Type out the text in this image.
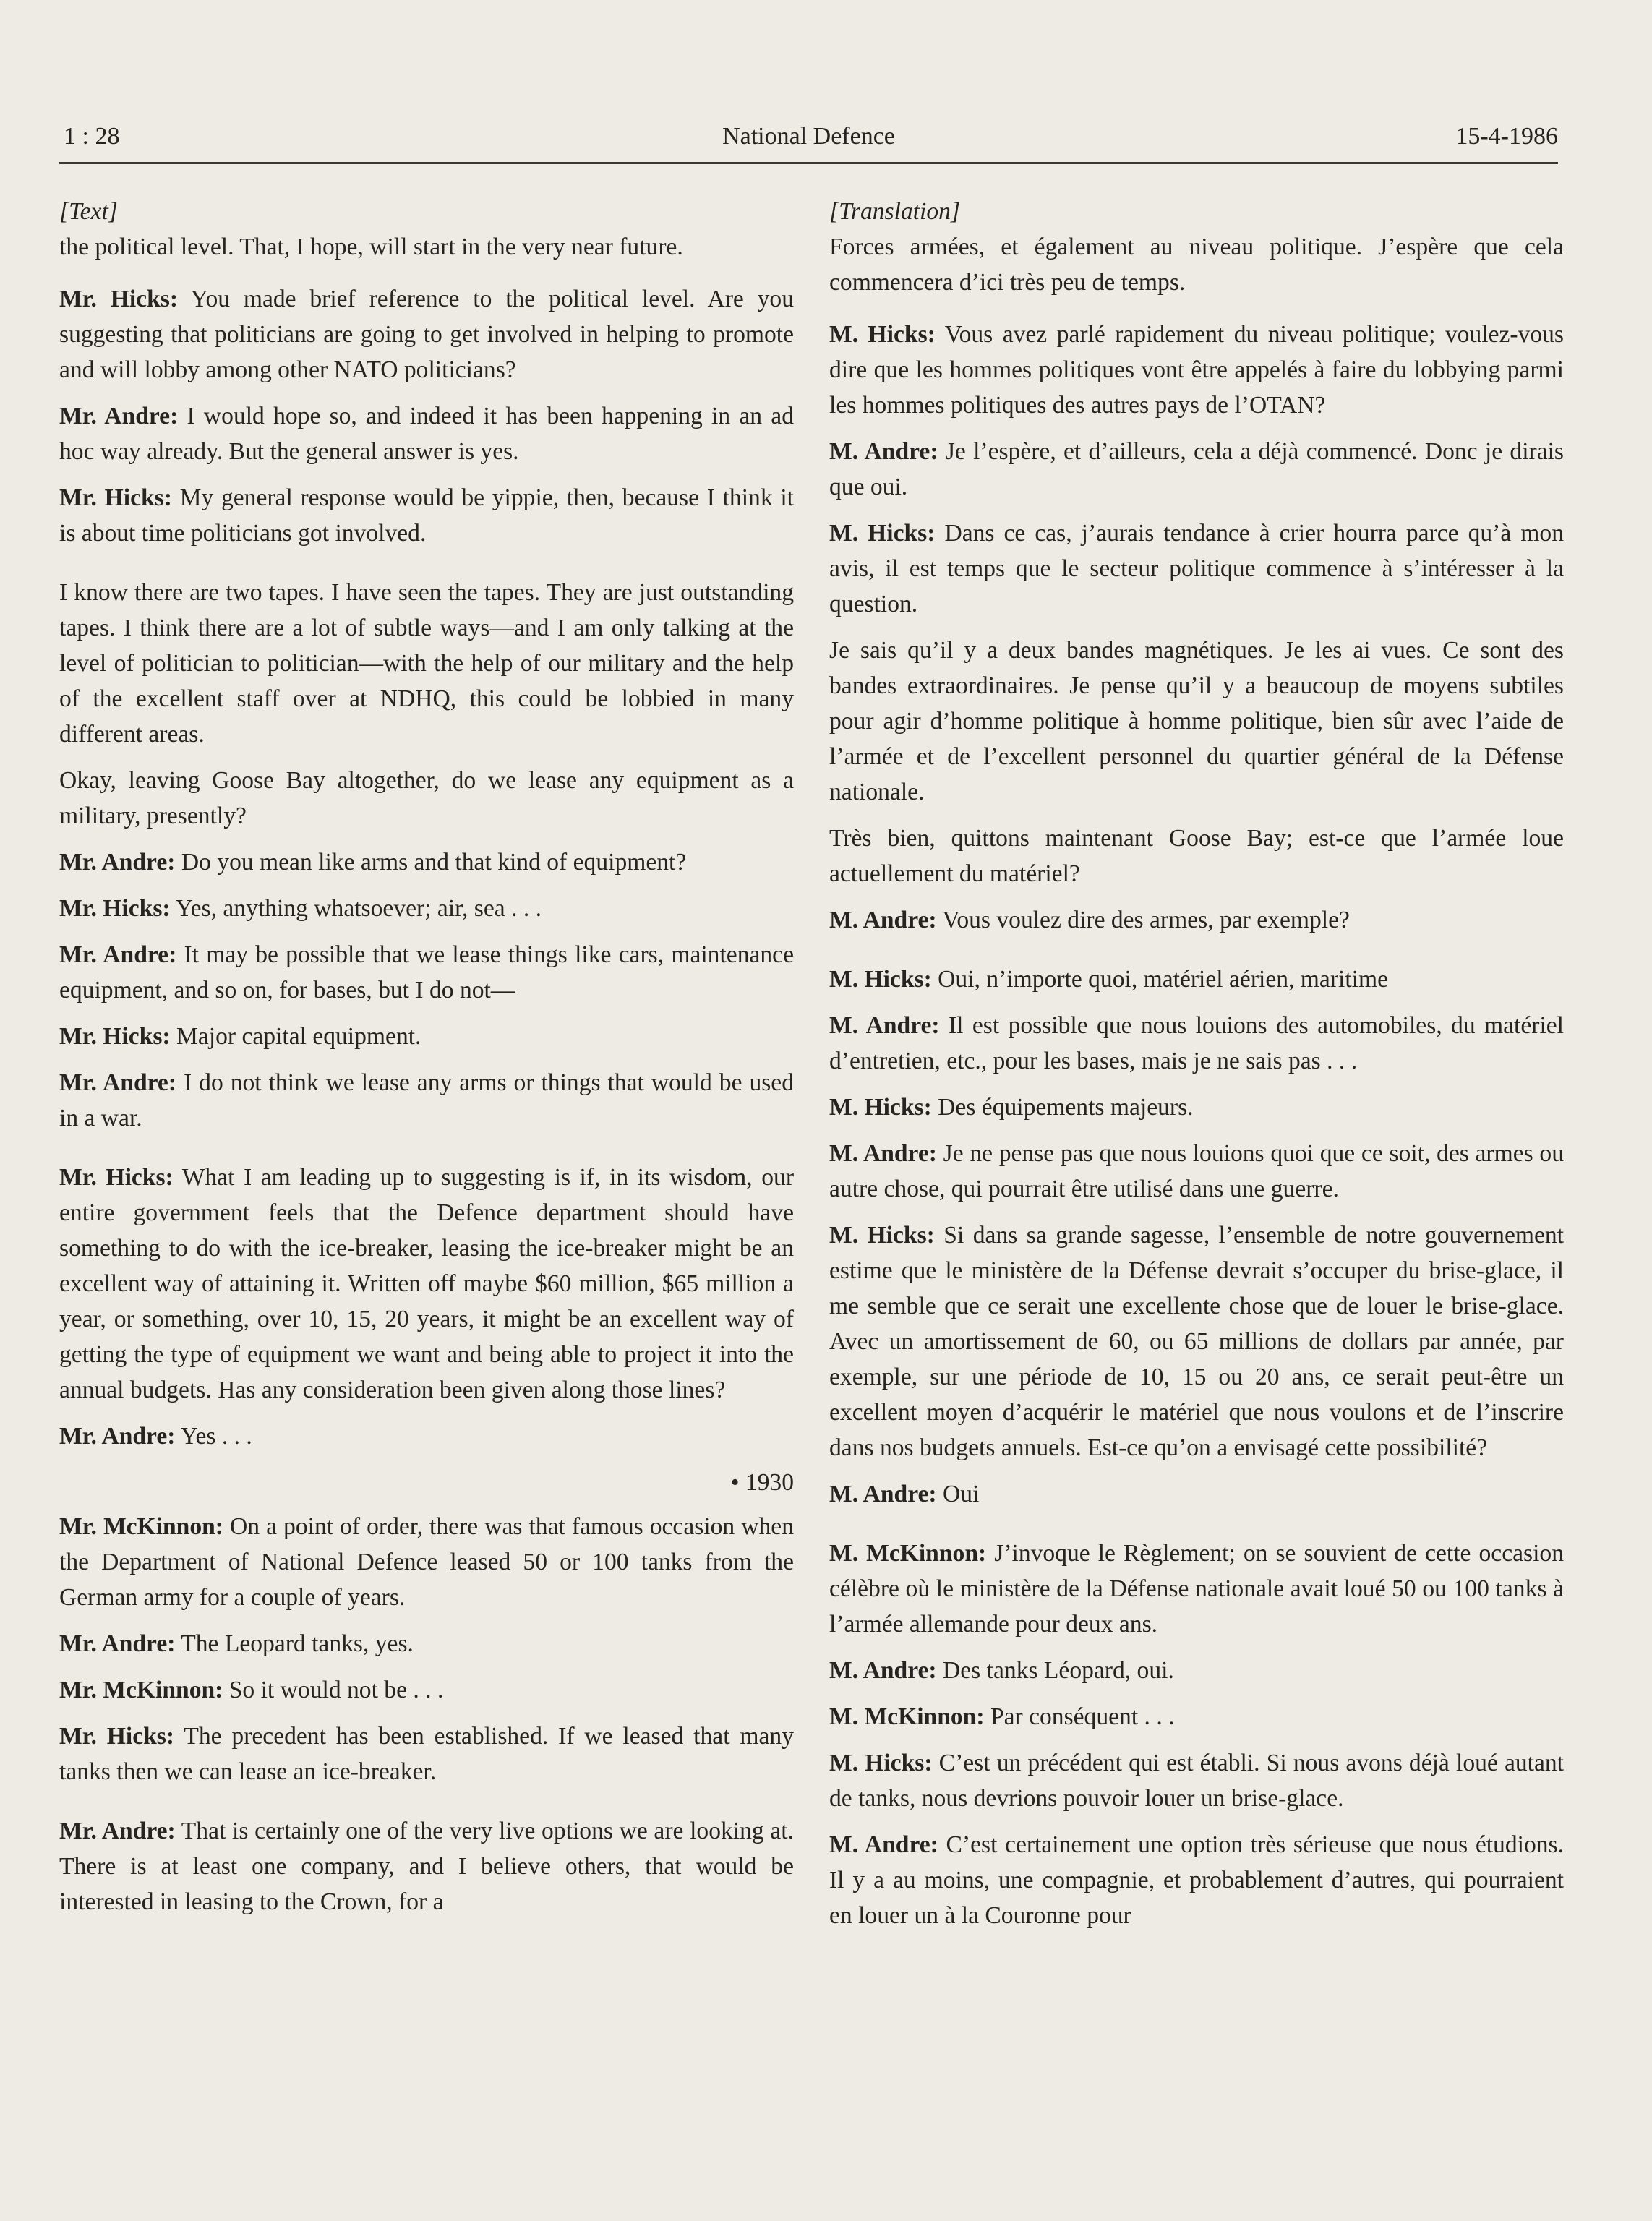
1 : 28	National Defence	15-4-1986
[Text]

the political level. That, I hope, will start in the very near future.

Mr. Hicks: You made brief reference to the political level. Are you suggesting that politicians are going to get involved in helping to promote and will lobby among other NATO politicians?

Mr. Andre: I would hope so, and indeed it has been happening in an ad hoc way already. But the general answer is yes.

Mr. Hicks: My general response would be yippie, then, because I think it is about time politicians got involved.

I know there are two tapes. I have seen the tapes. They are just outstanding tapes. I think there are a lot of subtle ways—and I am only talking at the level of politician to politician—with the help of our military and the help of the excellent staff over at NDHQ, this could be lobbied in many different areas.

Okay, leaving Goose Bay altogether, do we lease any equipment as a military, presently?

Mr. Andre: Do you mean like arms and that kind of equipment?

Mr. Hicks: Yes, anything whatsoever; air, sea . . .

Mr. Andre: It may be possible that we lease things like cars, maintenance equipment, and so on, for bases, but I do not—

Mr. Hicks: Major capital equipment.

Mr. Andre: I do not think we lease any arms or things that would be used in a war.

Mr. Hicks: What I am leading up to suggesting is if, in its wisdom, our entire government feels that the Defence department should have something to do with the ice-breaker, leasing the ice-breaker might be an excellent way of attaining it. Written off maybe $60 million, $65 million a year, or something, over 10, 15, 20 years, it might be an excellent way of getting the type of equipment we want and being able to project it into the annual budgets. Has any consideration been given along those lines?

Mr. Andre: Yes . . .

• 1930

Mr. McKinnon: On a point of order, there was that famous occasion when the Department of National Defence leased 50 or 100 tanks from the German army for a couple of years.

Mr. Andre: The Leopard tanks, yes.

Mr. McKinnon: So it would not be . . .

Mr. Hicks: The precedent has been established. If we leased that many tanks then we can lease an ice-breaker.

Mr. Andre: That is certainly one of the very live options we are looking at. There is at least one company, and I believe others, that would be interested in leasing to the Crown, for a

[Translation]

Forces armées, et également au niveau politique. J’espère que cela commencera d’ici très peu de temps.

M. Hicks: Vous avez parlé rapidement du niveau politique; voulez-vous dire que les hommes politiques vont être appelés à faire du lobbying parmi les hommes politiques des autres pays de l’OTAN?

M. Andre: Je l’espère, et d’ailleurs, cela a déjà commencé. Donc je dirais que oui.

M. Hicks: Dans ce cas, j’aurais tendance à crier hourra parce qu’à mon avis, il est temps que le secteur politique commence à s’intéresser à la question.

Je sais qu’il y a deux bandes magnétiques. Je les ai vues. Ce sont des bandes extraordinaires. Je pense qu’il y a beaucoup de moyens subtiles pour agir d’homme politique à homme politique, bien sûr avec l’aide de l’armée et de l’excellent personnel du quartier général de la Défense nationale.

Très bien, quittons maintenant Goose Bay; est-ce que l’armée loue actuellement du matériel?

M. Andre: Vous voulez dire des armes, par exemple?

M. Hicks: Oui, n’importe quoi, matériel aérien, maritime

M. Andre: Il est possible que nous louions des automobiles, du matériel d’entretien, etc., pour les bases, mais je ne sais pas . . .

M. Hicks: Des équipements majeurs.

M. Andre: Je ne pense pas que nous louions quoi que ce soit, des armes ou autre chose, qui pourrait être utilisé dans une guerre.

M. Hicks: Si dans sa grande sagesse, l’ensemble de notre gouvernement estime que le ministère de la Défense devrait s’occuper du brise-glace, il me semble que ce serait une excellente chose que de louer le brise-glace. Avec un amortissement de 60, ou 65 millions de dollars par année, par exemple, sur une période de 10, 15 ou 20 ans, ce serait peut-être un excellent moyen d’acquérir le matériel que nous voulons et de l’inscrire dans nos budgets annuels. Est-ce qu’on a envisagé cette possibilité?

M. Andre: Oui

M. McKinnon: J’invoque le Règlement; on se souvient de cette occasion célèbre où le ministère de la Défense nationale avait loué 50 ou 100 tanks à l’armée allemande pour deux ans.

M. Andre: Des tanks Léopard, oui.

M. McKinnon: Par conséquent . . .

M. Hicks: C’est un précédent qui est établi. Si nous avons déjà loué autant de tanks, nous devrions pouvoir louer un brise-glace.

M. Andre: C’est certainement une option très sérieuse que nous étudions. Il y a au moins, une compagnie, et probablement d’autres, qui pourraient en louer un à la Couronne pour
